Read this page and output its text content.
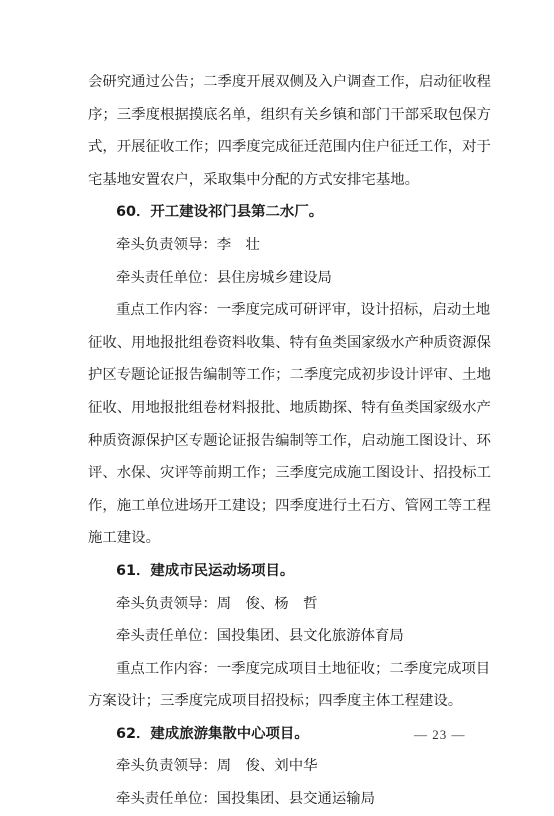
会研究通过公告；二季度开展双侧及入户调查工作，启动征收程
序；三季度根据摸底名单，组织有关乡镇和部门干部采取包保方
式，开展征收工作；四季度完成征迁范围内住户征迁工作，对于
宅基地安置农户，采取集中分配的方式安排宅基地。
60．开工建设祁门县第二水厂。
牵头负责领导：李　壮
牵头责任单位：县住房城乡建设局
重点工作内容：一季度完成可研评审，设计招标，启动土地
征收、用地报批组卷资料收集、特有鱼类国家级水产种质资源保
护区专题论证报告编制等工作；二季度完成初步设计评审、土地
征收、用地报批组卷材料报批、地质勘探、特有鱼类国家级水产
种质资源保护区专题论证报告编制等工作，启动施工图设计、环
评、水保、灾评等前期工作；三季度完成施工图设计、招投标工
作，施工单位进场开工建设；四季度进行土石方、管网工等工程
施工建设。
61．建成市民运动场项目。
牵头负责领导：周　俊、杨　哲
牵头责任单位：国投集团、县文化旅游体育局
重点工作内容：一季度完成项目土地征收；二季度完成项目
方案设计；三季度完成项目招投标；四季度主体工程建设。
62．建成旅游集散中心项目。
牵头负责领导：周　俊、刘中华
牵头责任单位：国投集团、县交通运输局
— 23 —
